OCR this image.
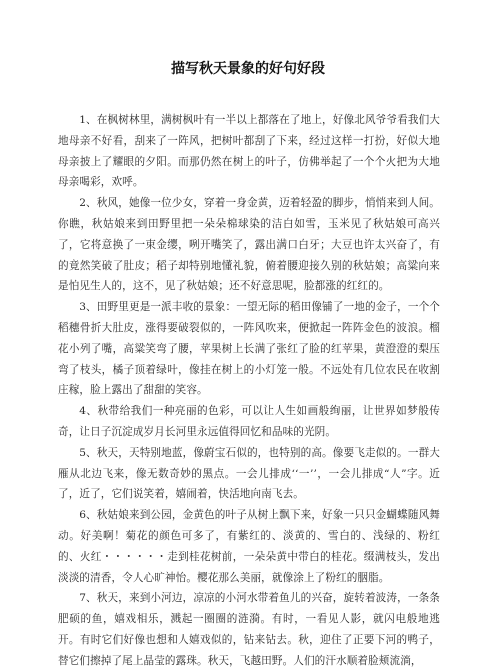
描写秋天景象的好句好段

1、在枫树林里，满树枫叶有一半以上都落在了地上，好像北风爷爷看我们大地母亲不好看，刮来了一阵风，把树叶都刮了下来，经过这样一打扮，好似大地母亲披上了耀眼的夕阳。而那仍然在树上的叶子，仿佛举起了一个个火把为大地母亲喝彩，欢呼。

2、秋风，她像一位少女，穿着一身金黄，迈着轻盈的脚步，悄悄来到人间。你瞧，秋姑娘来到田野里把一朵朵棉球染的洁白如雪，玉米见了秋姑娘可高兴了，它将意换了一束金缨，咧开嘴笑了，露出满口白牙；大豆也许太兴奋了，有的竟然笑破了肚皮；稻子却特别地懂礼貌，俯着腰迎接久别的秋姑娘；高粱向来是怕见生人的，这不，见了秋姑娘；还不好意思呢，脸都涨的红红的。

3、田野里更是一派丰收的景象：一望无际的稻田像铺了一地的金子，一个个稻穗骨折大肚皮，涨得要破裂似的，一阵风吹来，便掀起一阵阵金色的波浪。榴花小列了嘴，高粱笑弯了腰，苹果树上长满了张红了脸的红苹果，黄澄澄的梨压弯了枝头，橘子顶着绿叶，像挂在树上的小灯笼一般。不远处有几位农民在收割庄稼，脸上露出了甜甜的笑容。

4、秋带给我们一种亮丽的色彩，可以让人生如画般绚丽，让世界如梦般传奇，让日子沉淀成岁月长河里永远值得回忆和品味的光阴。

5、秋天，天特别地蓝，像蔚宝石似的，也特别的高。像要飞走似的。一群大雁从北边飞来，像无数奇妙的黑点。一会儿排成‘‘一’’，一会儿排成“人”字。近了，近了，它们说笑着，嬉闹着，快活地向南飞去。

6、秋姑娘来到公园，金黄色的叶子从树上飘下来，好象一只只金蝴蝶随风舞动。好美啊！菊花的颜色可多了，有紫红的、淡黄的、雪白的、浅绿的、粉红的、火红・・・・・・走到桂花树前，一朵朵黄中带白的桂花。缀满枝头，发出淡淡的清香，令人心旷神怡。樱花那么美丽，就像涂上了粉红的胭脂。

7、秋天，来到小河边，凉凉的小河水带着鱼儿的兴奋，旋转着波涛，一条条肥硕的鱼，嬉戏相乐，溅起一圈圈的涟漪。有时，一看见人影，就闪电般地逃开。有时它们好像也想和人嬉戏似的，钻来钻去。秋，迎住了正要下河的鸭子，替它们擦掉了尾上晶莹的露珠。秋天，飞越田野。人们的汗水顺着脸颊流淌，
